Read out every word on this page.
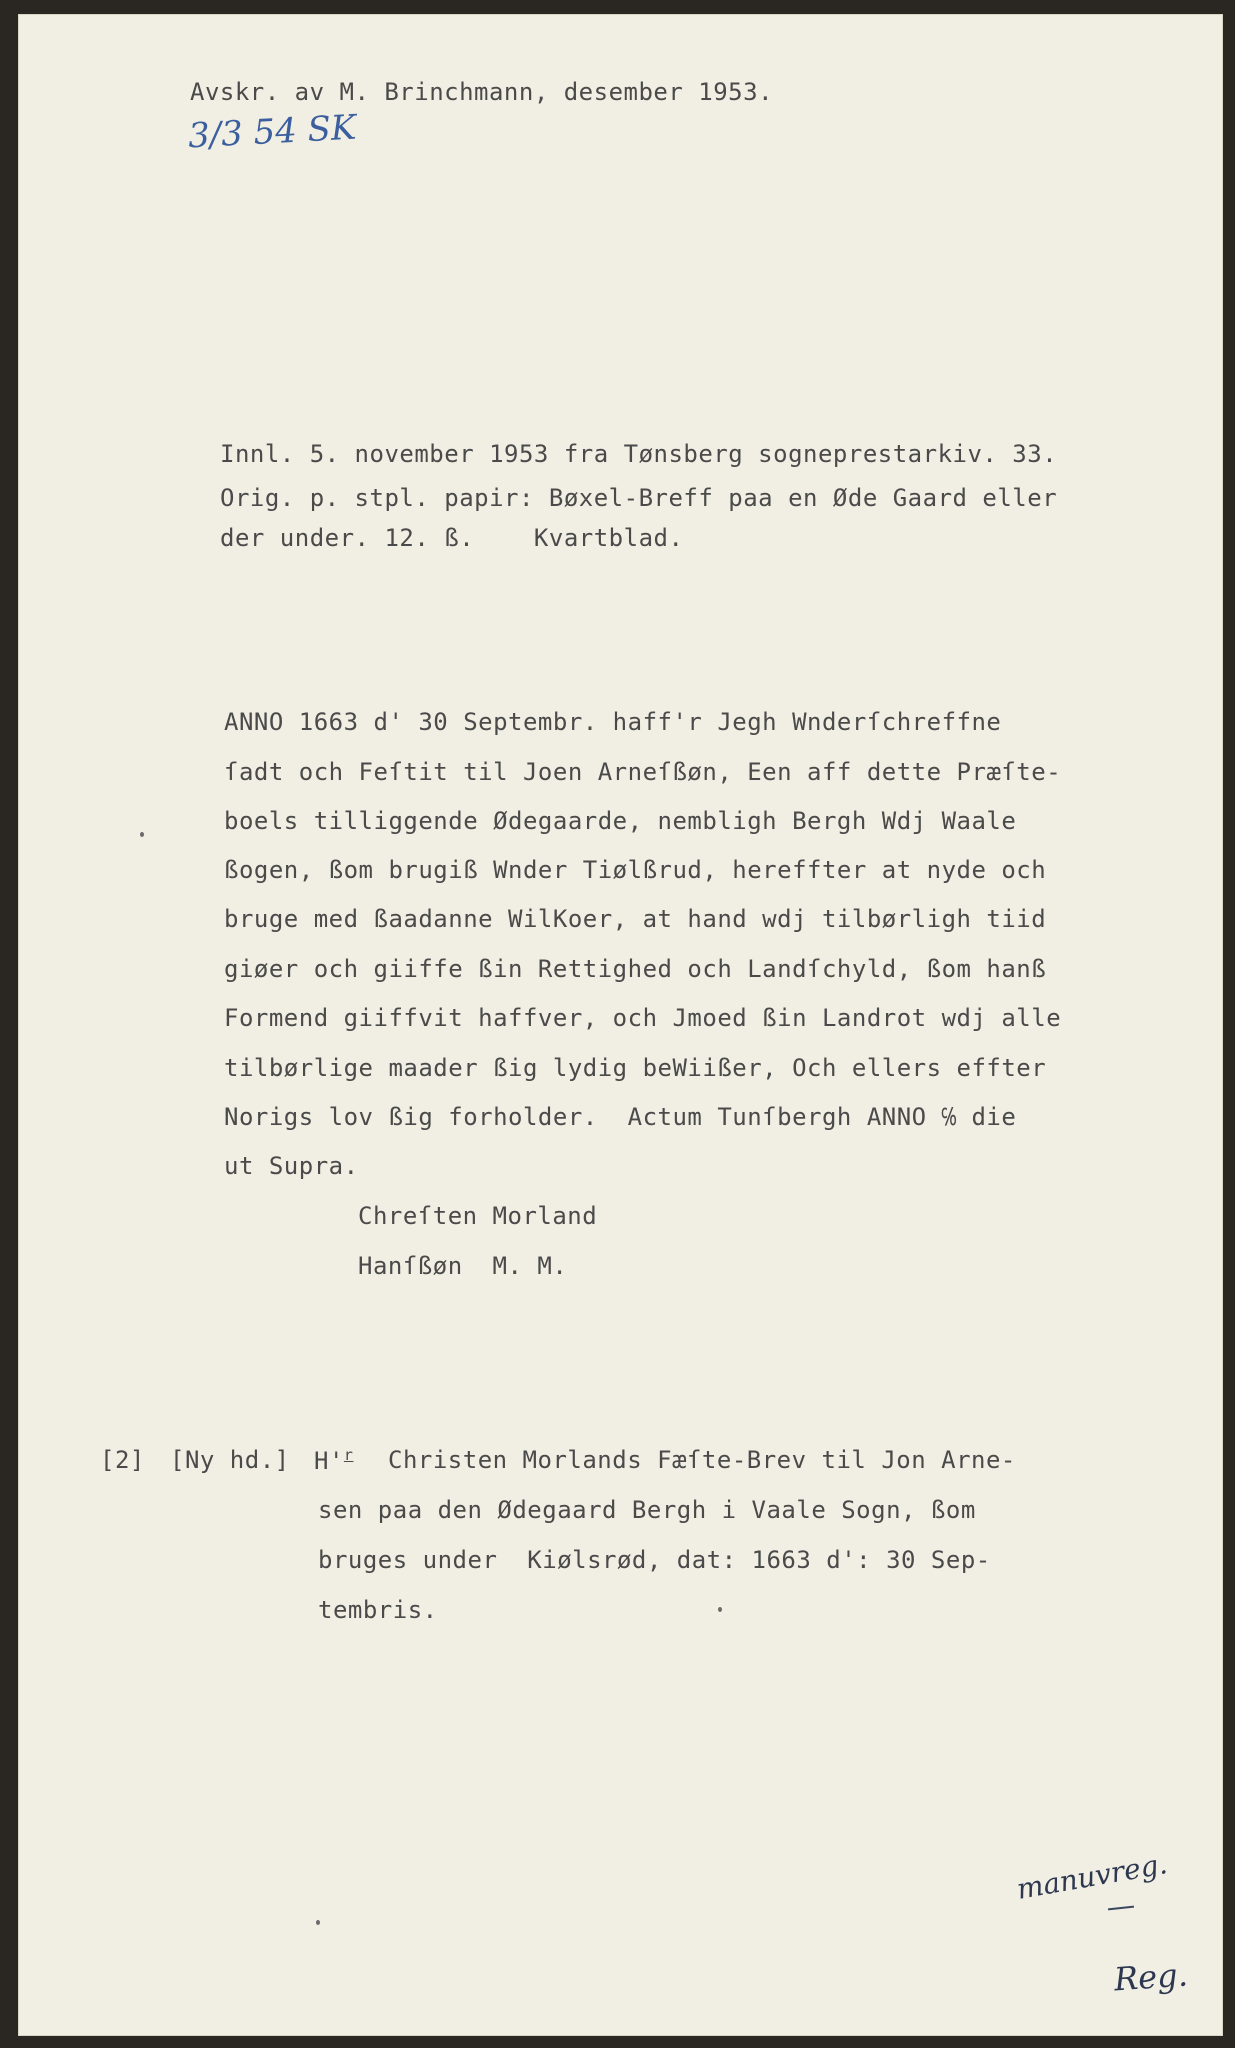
Avskr. av M. Brinchmann, desember 1953.
3/3 54 SK
Innl. 5. november 1953 fra Tønsberg sogneprestarkiv. 33.
Orig. p. stpl. papir: Bøxel-Breff paa en Øde Gaard eller
der under. 12. ß.    Kvartblad.
ANNO 1663 d' 30 Septembr. haff'r Jegh Wnderſchreffne
ſadt och Feſtit til Joen Arneſßøn, Een aff dette Præſte-
boels tilliggende Ødegaarde, nembligh Bergh Wdj Waale
ßogen, ßom brugiß Wnder Tiølßrud, hereffter at nyde och
bruge med ßaadanne WilKoer, at hand wdj tilbørligh tiid
giøer och giiffe ßin Rettighed och Landſchyld, ßom hanß
Formend giiffvit haffver, och Jmoed ßin Landrot wdj alle
tilbørlige maader ßig lydig beWiißer, Och ellers effter
Norigs lov ßig forholder.  Actum Tunſbergh ANNO ℅ die
ut Supra.
Chreſten Morland
Hanſßøn  M. M.
[2] [Ny hd.] $H'^r$ Christen Morlands Fæſte-Brev til Jon Arne-
sen paa den Ødegaard Bergh i Vaale Sogn, ßom
bruges under  Kiølsrød, dat: 1663 d': 30 Sep-
tembris.
manuvreg.
Reg.
